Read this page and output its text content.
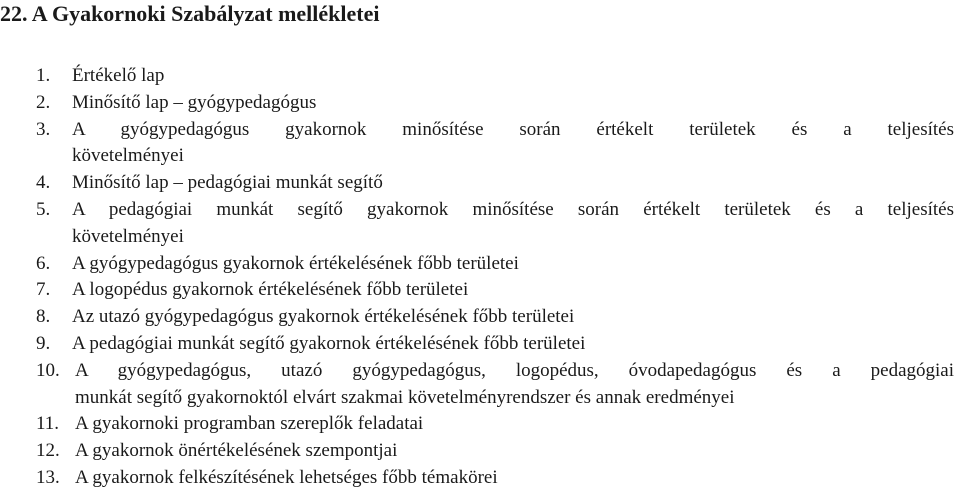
22. A Gyakornoki Szabályzat mellékletei
1.	Értékelő lap
2.	Minősítő lap – gyógypedagógus
3.	A gyógypedagógus gyakornok minősítése során értékelt területek és a teljesítés
követelményei
4.	Minősítő lap – pedagógiai munkát segítő
5.	A pedagógiai munkát segítő gyakornok minősítése során értékelt területek és a teljesítés
követelményei
6.	A gyógypedagógus gyakornok értékelésének főbb területei
7.	A logopédus gyakornok értékelésének főbb területei
8.	Az utazó gyógypedagógus gyakornok értékelésének főbb területei
9.	A pedagógiai munkát segítő gyakornok értékelésének főbb területei
10. A gyógypedagógus, utazó gyógypedagógus, logopédus, óvodapedagógus és a pedagógiai
munkát segítő gyakornoktól elvárt szakmai követelményrendszer és annak eredményei
11. A gyakornoki programban szereplők feladatai
12. A gyakornok önértékelésének szempontjai
13. A gyakornok felkészítésének lehetséges főbb témakörei
